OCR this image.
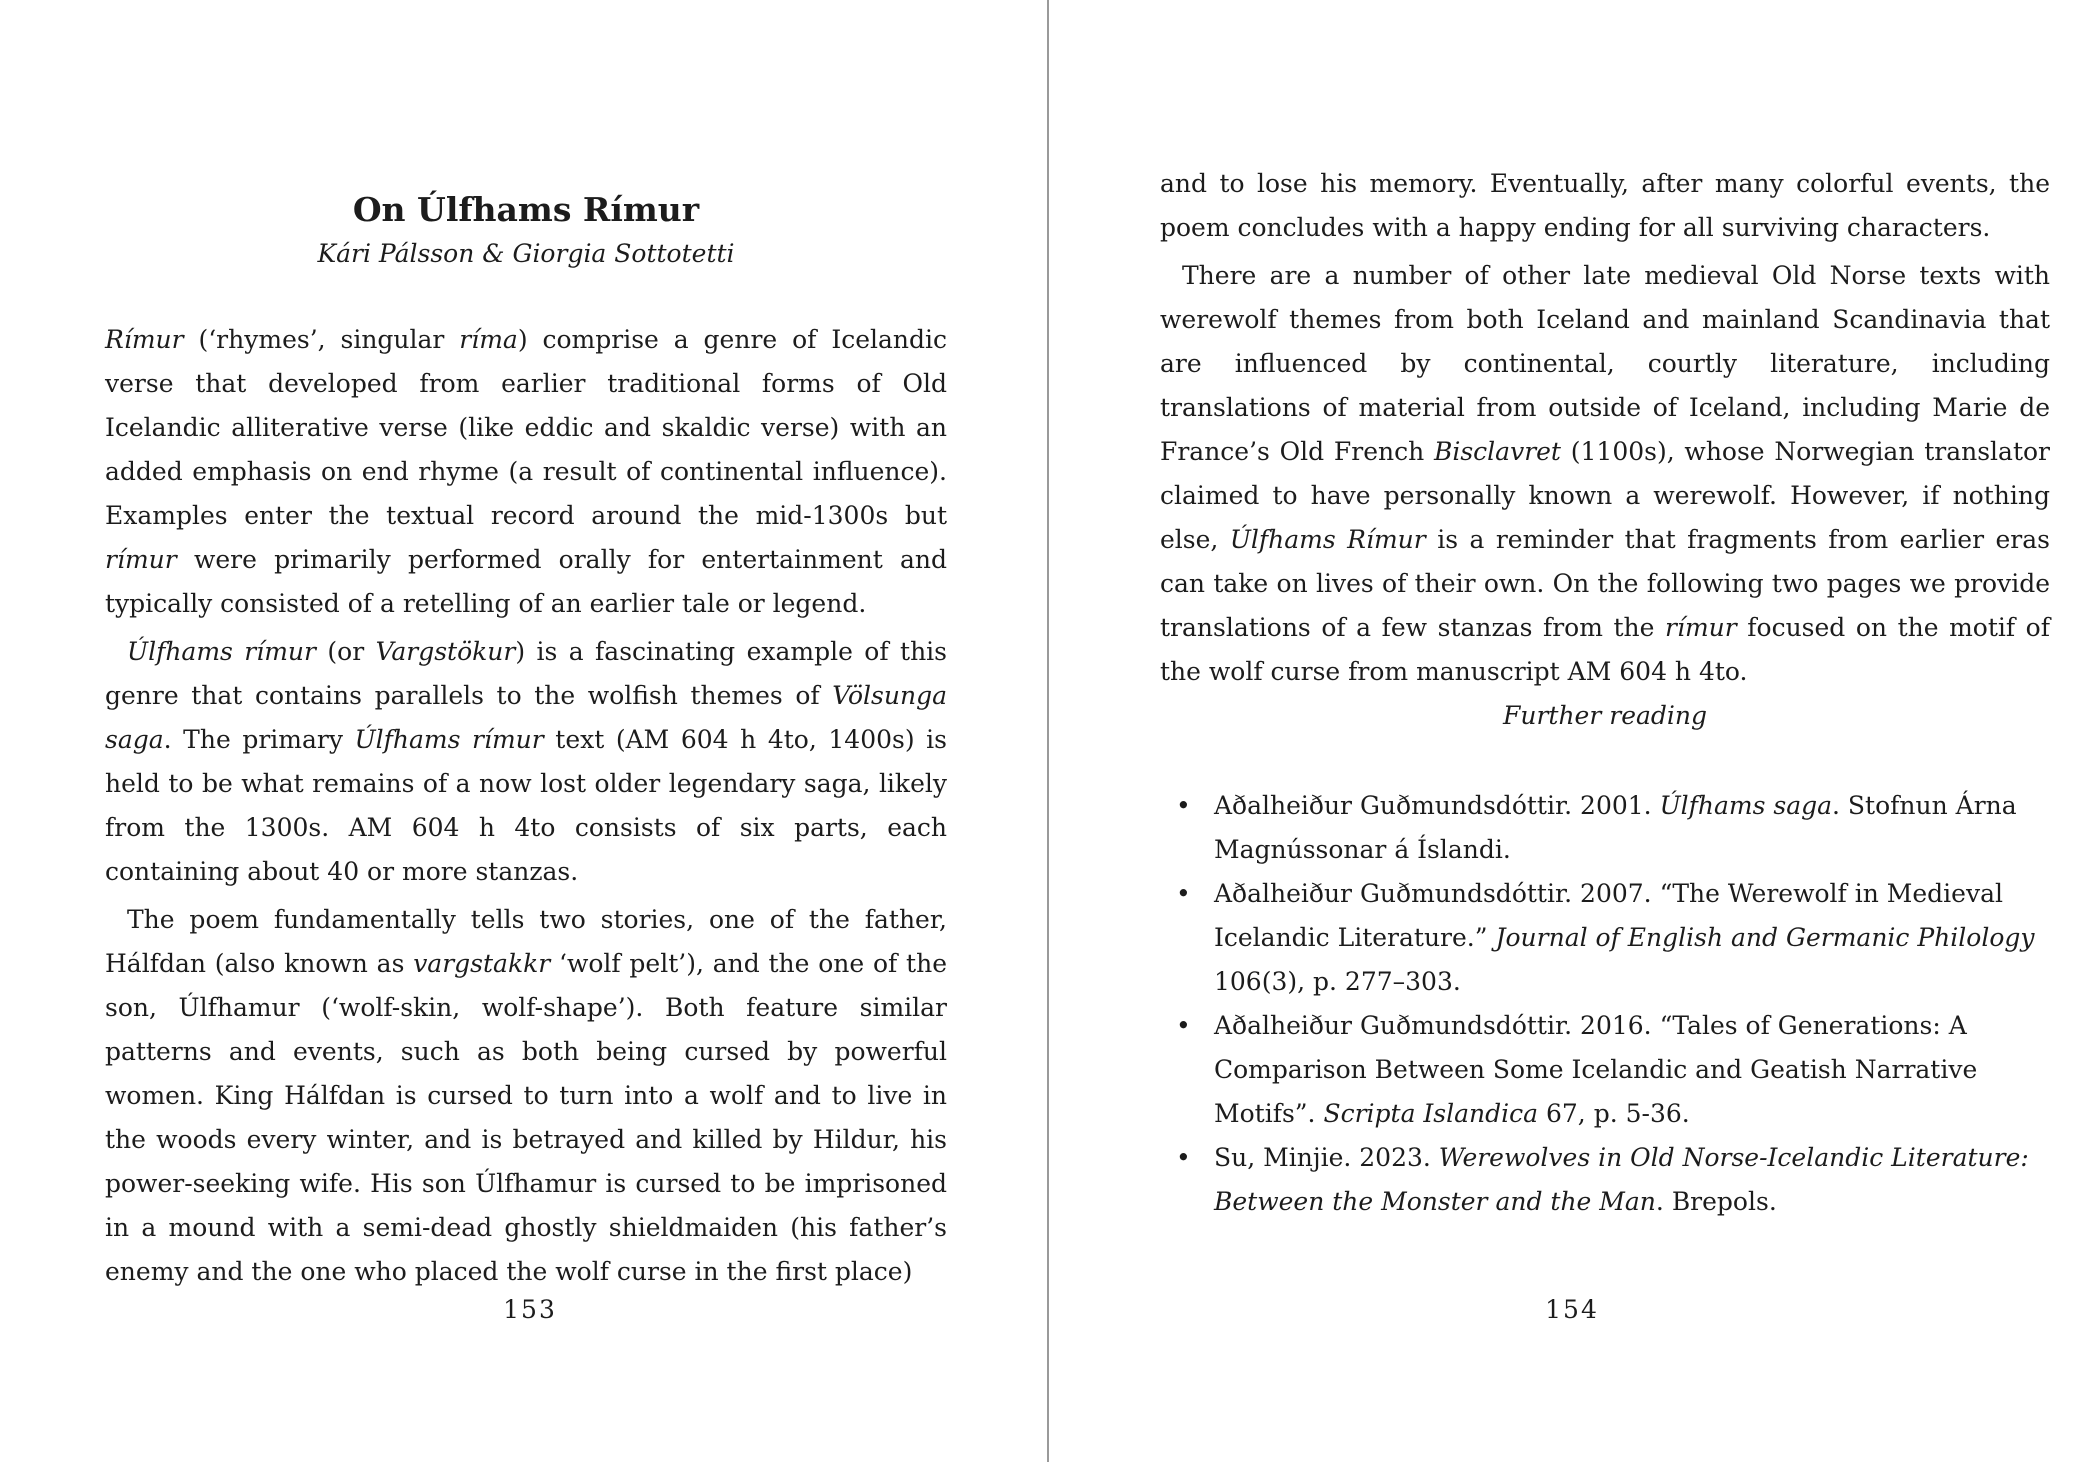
On Úlfhams Rímur
Kári Pálsson & Giorgia Sottotetti

Rímur (‘rhymes’, singular ríma) comprise a genre of Icelandic verse that developed from earlier traditional forms of Old Icelandic alliterative verse (like eddic and skaldic verse) with an added emphasis on end rhyme (a result of continental influence). Examples enter the textual record around the mid-1300s but rímur were primarily performed orally for entertainment and typically consisted of a retelling of an earlier tale or legend.

Úlfhams rímur (or Vargstökur) is a fascinating example of this genre that contains parallels to the wolfish themes of Völsunga saga. The primary Úlfhams rímur text (AM 604 h 4to, 1400s) is held to be what remains of a now lost older legendary saga, likely from the 1300s. AM 604 h 4to consists of six parts, each containing about 40 or more stanzas.

The poem fundamentally tells two stories, one of the father, Hálfdan (also known as vargstakkr ‘wolf pelt’), and the one of the son, Úlfhamur (‘wolf-skin, wolf-shape’). Both feature similar patterns and events, such as both being cursed by powerful women. King Hálfdan is cursed to turn into a wolf and to live in the woods every winter, and is betrayed and killed by Hildur, his power-seeking wife. His son Úlfhamur is cursed to be imprisoned in a mound with a semi-dead ghostly shieldmaiden (his father’s enemy and the one who placed the wolf curse in the first place)

153

and to lose his memory. Eventually, after many colorful events, the poem concludes with a happy ending for all surviving characters.

There are a number of other late medieval Old Norse texts with werewolf themes from both Iceland and mainland Scandinavia that are influenced by continental, courtly literature, including translations of material from outside of Iceland, including Marie de France’s Old French Bisclavret (1100s), whose Norwegian translator claimed to have personally known a werewolf. However, if nothing else, Úlfhams Rímur is a reminder that fragments from earlier eras can take on lives of their own. On the following two pages we provide translations of a few stanzas from the rímur focused on the motif of the wolf curse from manuscript AM 604 h 4to.

Further reading

• Aðalheiður Guðmundsdóttir. 2001. Úlfhams saga. Stofnun Árna Magnússonar á Íslandi.
• Aðalheiður Guðmundsdóttir. 2007. “The Werewolf in Medieval Icelandic Literature.” Journal of English and Germanic Philology 106(3), p. 277–303.
• Aðalheiður Guðmundsdóttir. 2016. “Tales of Generations: A Comparison Between Some Icelandic and Geatish Narrative Motifs”. Scripta Islandica 67, p. 5-36.
• Su, Minjie. 2023. Werewolves in Old Norse-Icelandic Literature: Between the Monster and the Man. Brepols.
154
